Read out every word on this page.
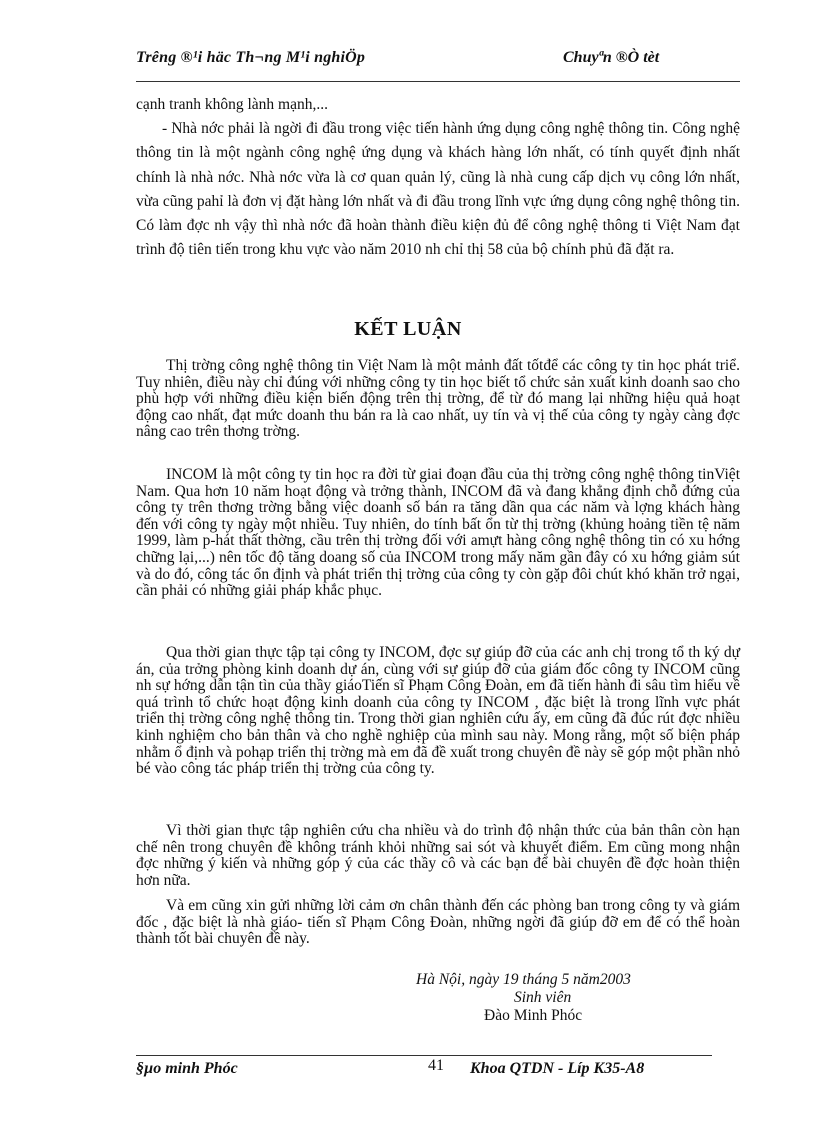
Trêng ®¹i häc Th¬ng M¹i nghiÖp	Chuyªn ®Ò tèt
cạnh tranh không lành mạnh,...
- Nhà nớc phải là ngời đi đầu trong việc tiến hành ứng dụng công nghệ thông tin. Công nghệ thông tin là một ngành công nghệ ứng dụng và khách hàng lớn nhất, có tính quyết định nhất chính là nhà nớc. Nhà nớc vừa là cơ quan quản lý, cũng là nhà cung cấp dịch vụ công lớn nhất, vừa cũng pahỉ là đơn vị đặt hàng lớn nhất và đi đầu trong lĩnh vực ứng dụng công nghệ thông tin. Có làm đợc nh vậy thì nhà nớc đã hoàn thành điều kiện đủ để công nghệ thông ti Việt Nam đạt trình độ tiên tiến trong khu vực vào năm 2010 nh chỉ thị 58 của bộ chính phủ đã đặt ra.
KẾT LUẬN
Thị trờng công nghệ thông tin Việt Nam là một mảnh đất tốtđể các công ty tin học phát triể. Tuy nhiên, điều này chỉ đúng với những công ty tin học biết tổ chức sản xuất kinh doanh sao cho phù hợp với những điều kiện biến động trên thị trờng, để từ đó mang lại những hiệu quả hoạt động cao nhất, đạt mức doanh thu bán ra là cao nhất, uy tín và vị thế của công ty ngày càng đợc nâng cao trên thơng trờng.
INCOM là một công ty tin học ra đời từ giai đoạn đầu của thị trờng công nghệ thông tinViệt Nam. Qua hơn 10 năm hoạt động và trởng thành, INCOM đã và đang khẳng định chỗ đứng của công ty trên thơng trờng bằng việc doanh số bán ra tăng dần qua các năm và lợng khách hàng đến với công ty ngày một nhiều. Tuy nhiên, do tính bất ổn từ thị trờng (khủng hoảng tiền tệ năm 1999, làm p-hát thất thờng, cầu trên thị trờng đối với amựt hàng công nghệ thông tin có xu hớng chững lại,...) nên tốc độ tăng doang số của INCOM trong mấy năm gần đây có xu hớng giảm sút và do đó, công tác ổn định và phát triển thị trờng của công ty còn gặp đôi chút khó khăn trở ngại, cần phải có những giải pháp khắc phục.
Qua thời gian thực tập tại công ty INCOM, đợc sự giúp đỡ của các anh chị trong tổ th ký dự án, của trởng phòng kinh doanh dự án, cùng với sự giúp đỡ của giám đốc công ty INCOM cũng nh sự hớng dẫn tận tìn của thầy giáoTiến sĩ Phạm Công Đoàn, em đã tiến hành đi sâu tìm hiểu về quá trình tổ chức hoạt động kinh doanh của công ty INCOM , đặc biệt là trong lĩnh vực phát triển thị trờng công nghệ thông tin. Trong thời gian nghiên cứu ấy, em cũng đã đúc rút đợc nhiều kinh nghiệm cho bản thân và cho nghề nghiệp của mình sau này. Mong rằng, một số biện pháp nhằm ổ định và pohạp triển thị trờng mà em đã đề xuất trong chuyên đề này sẽ góp một phần nhỏ bé vào công tác pháp triển thị trờng của công ty.
Vì thời gian thực tập nghiên cứu cha nhiều và do trình độ nhận thức của bản thân còn hạn chế nên trong chuyên đề không tránh khỏi những sai sót và khuyết điểm. Em cũng mong nhận đợc những ý kiến và những góp ý của các thầy cô và các bạn để bài chuyên đề đợc hoàn thiện hơn nữa.
Và em cũng xin gửi những lời cảm ơn chân thành đến các phòng ban trong công ty và giám đốc , đặc biệt là nhà giáo- tiến sĩ Phạm Công Đoàn, những ngời đã giúp đỡ em để có thể hoàn thành tốt bài chuyên đề này.
Hà Nội, ngày 19 tháng 5 năm2003
Sinh viên
Đào Minh Phóc
§µo minh Phóc	41 Khoa QTDN - Líp K35-A8
